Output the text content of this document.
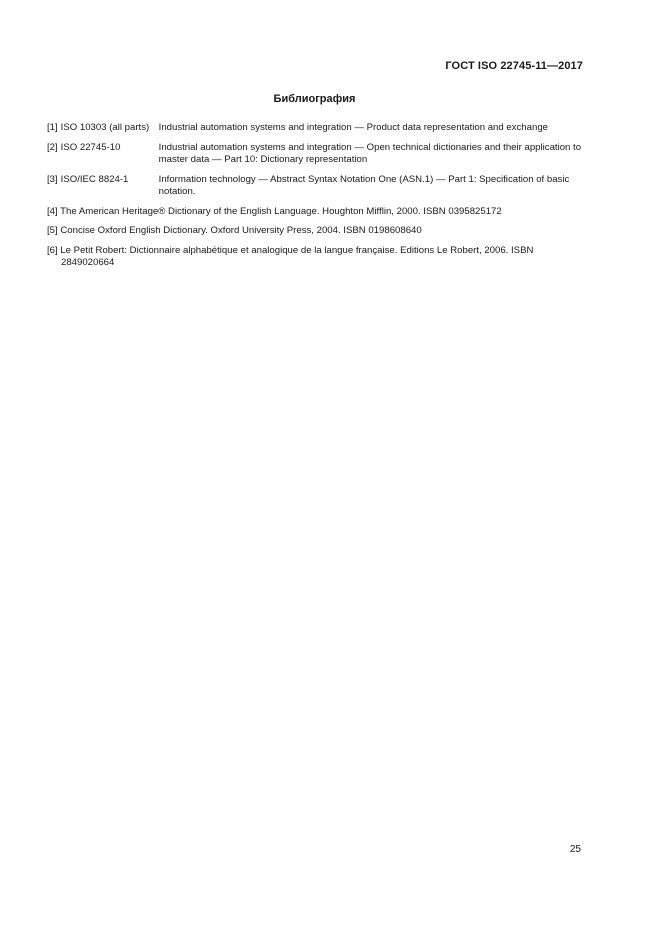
ГОСТ ISO 22745-11—2017
Библиография
[1] ISO 10303 (all parts) Industrial automation systems and integration — Product data representation and exchange
[2] ISO 22745-10	Industrial automation systems and integration — Open technical dictionaries and their application to master data — Part 10: Dictionary representation
[3] ISO/IEC 8824-1	Information technology — Abstract Syntax Notation One (ASN.1) — Part 1: Specification of basic notation.
[4] The American Heritage® Dictionary of the English Language. Houghton Mifflin, 2000. ISBN 0395825172
[5] Concise Oxford English Dictionary. Oxford University Press, 2004. ISBN 0198608640
[6] Le Petit Robert: Dictionnaire alphabétique et analogique de la langue française. Editions Le Robert, 2006. ISBN
2849020664
25
